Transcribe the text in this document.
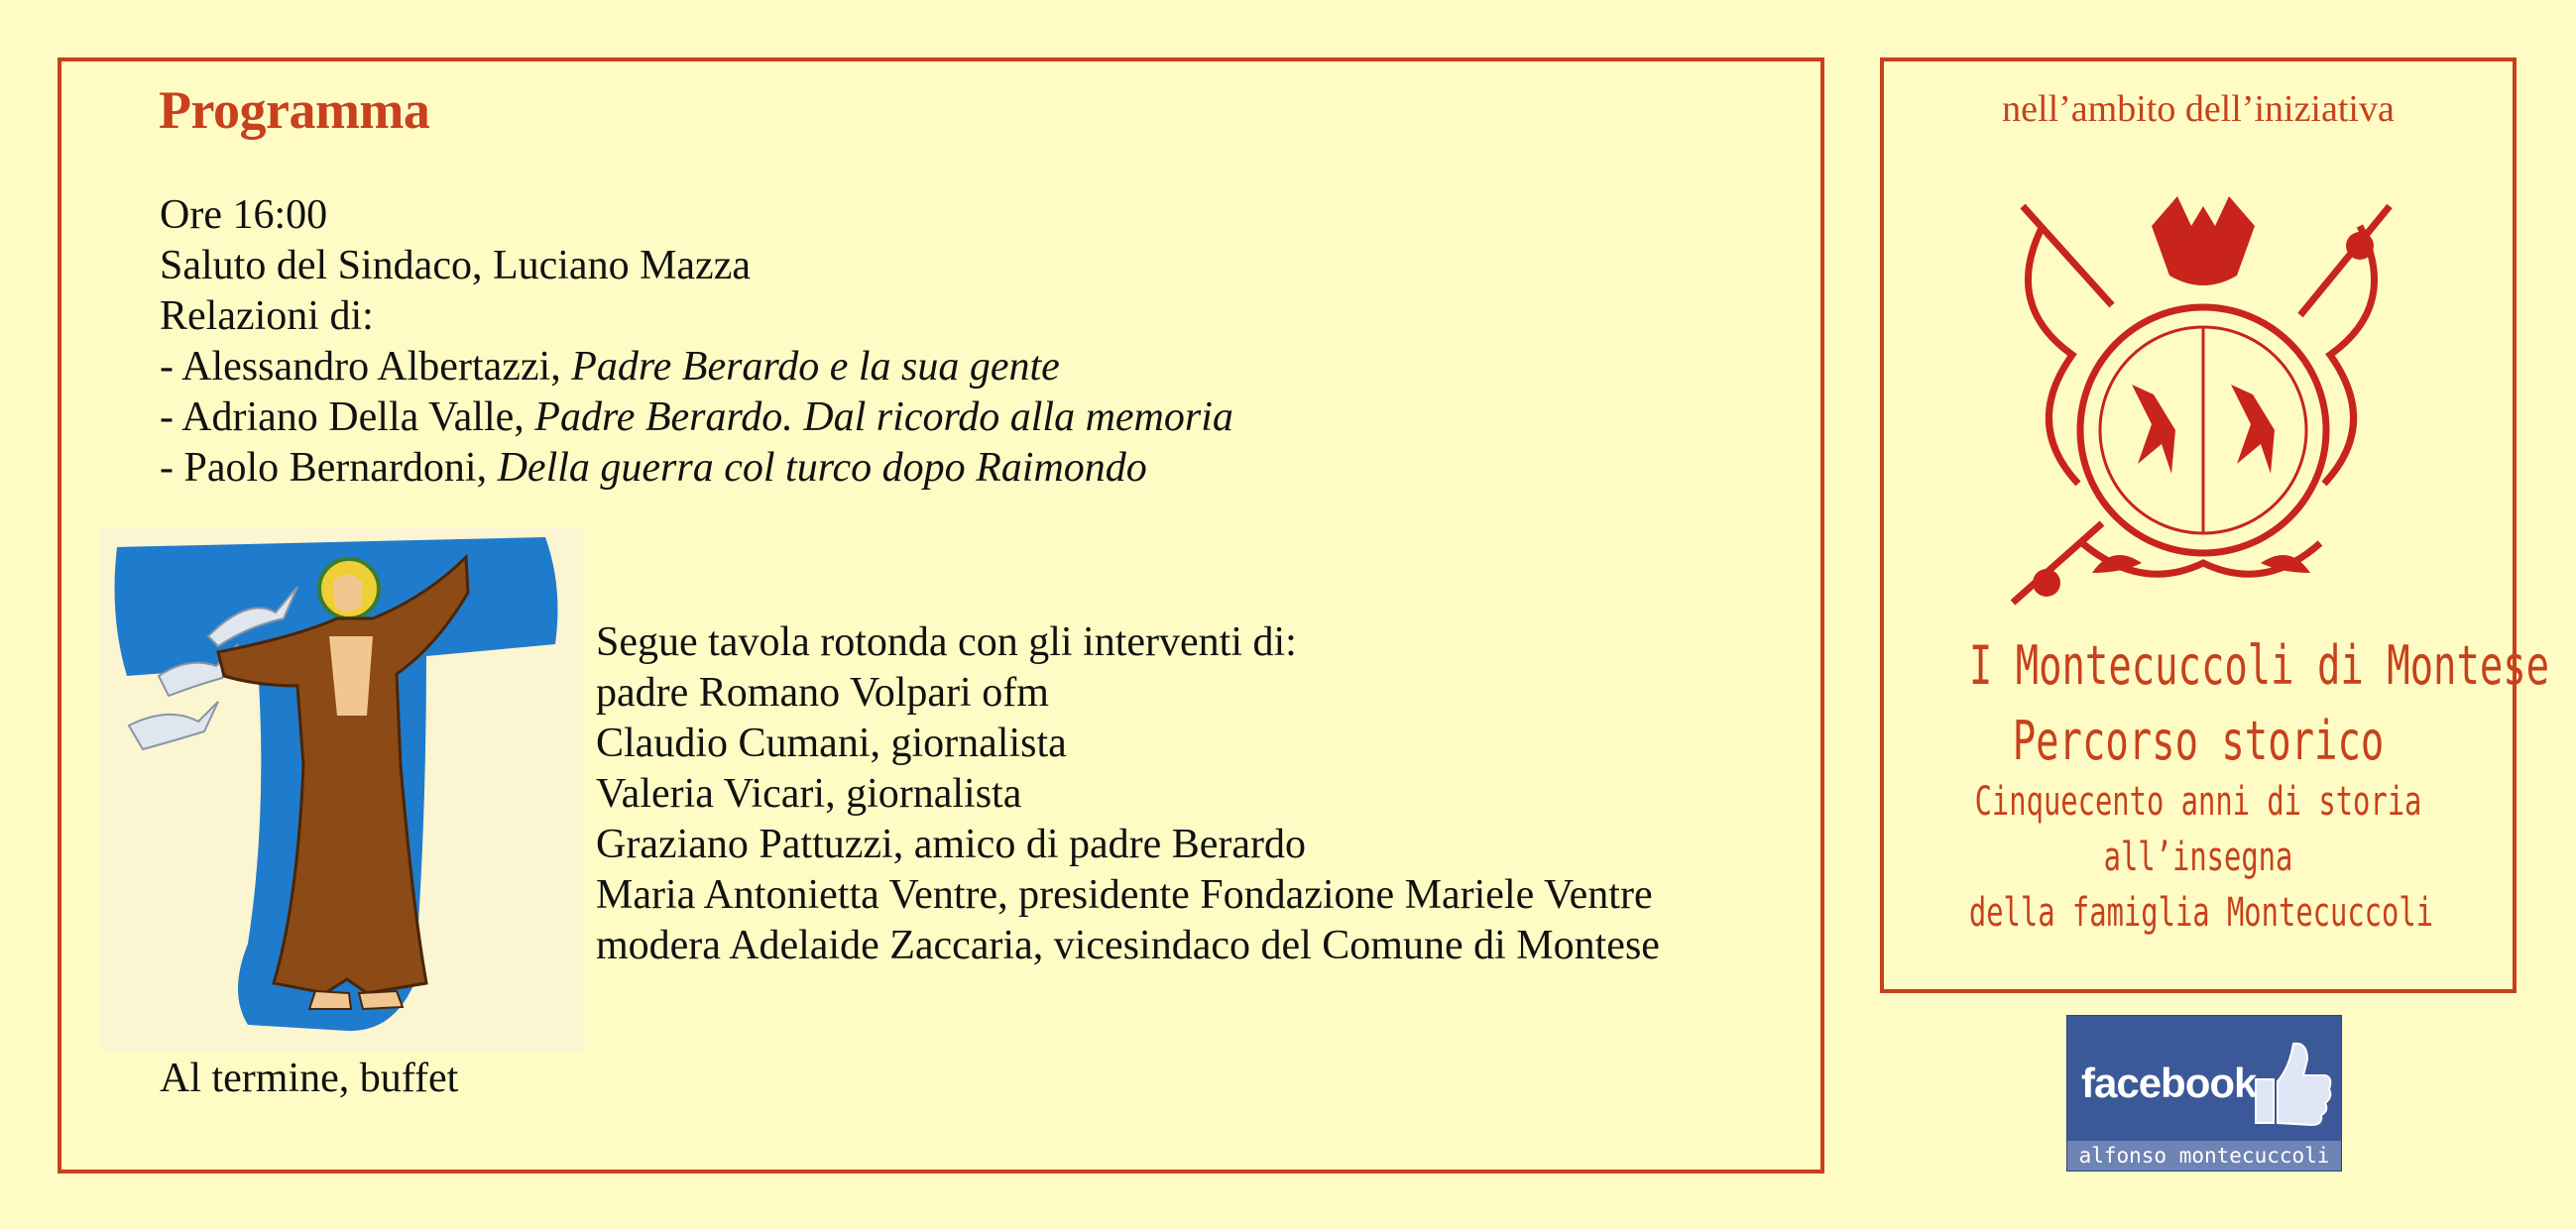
Programma
Ore 16:00
Saluto del Sindaco, Luciano Mazza
Relazioni di:
- Alessandro Albertazzi, Padre Berardo e la sua gente
- Adriano Della Valle, Padre Berardo. Dal ricordo alla memoria
- Paolo Bernardoni, Della guerra col turco dopo Raimondo
Segue tavola rotonda con gli interventi di:
padre Romano Volpari ofm
Claudio Cumani, giornalista
Valeria Vicari, giornalista
Graziano Pattuzzi, amico di padre Berardo
Maria Antonietta Ventre, presidente Fondazione Mariele Ventre
modera Adelaide Zaccaria, vicesindaco del Comune di Montese
Al termine, buffet
nell’ambito dell’iniziativa
I Montecuccoli di Montese
Percorso storico
Cinquecento anni di storia
all’insegna
della famiglia Montecuccoli
facebook
alfonso montecuccoli
